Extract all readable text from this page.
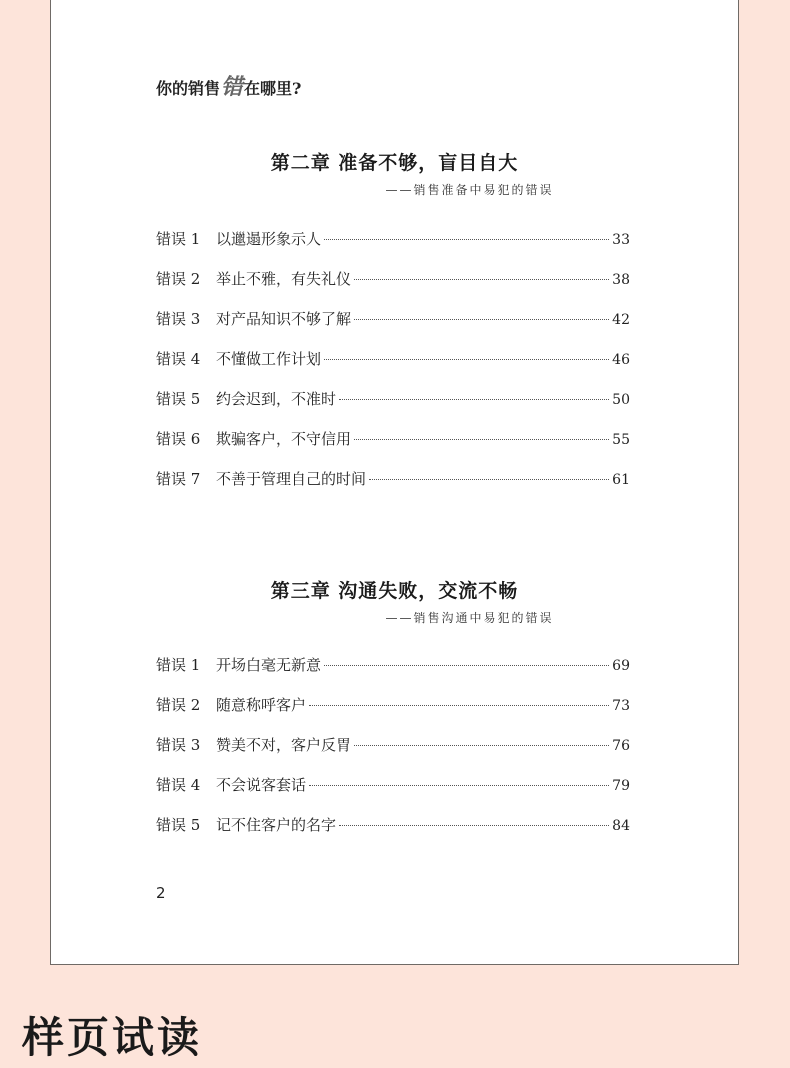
你的销售 错 在哪里?
第二章 准备不够，盲目自大
——销售准备中易犯的错误
错误 1	以邋遢形象示人	33
错误 2	举止不雅，有失礼仪	38
错误 3	对产品知识不够了解	42
错误 4	不懂做工作计划	46
错误 5	约会迟到，不准时	50
错误 6	欺骗客户，不守信用	55
错误 7	不善于管理自己的时间	61
第三章 沟通失败，交流不畅
——销售沟通中易犯的错误
错误 1	开场白毫无新意	69
错误 2	随意称呼客户	73
错误 3	赞美不对，客户反胃	76
错误 4	不会说客套话	79
错误 5	记不住客户的名字	84
2
样页试读
